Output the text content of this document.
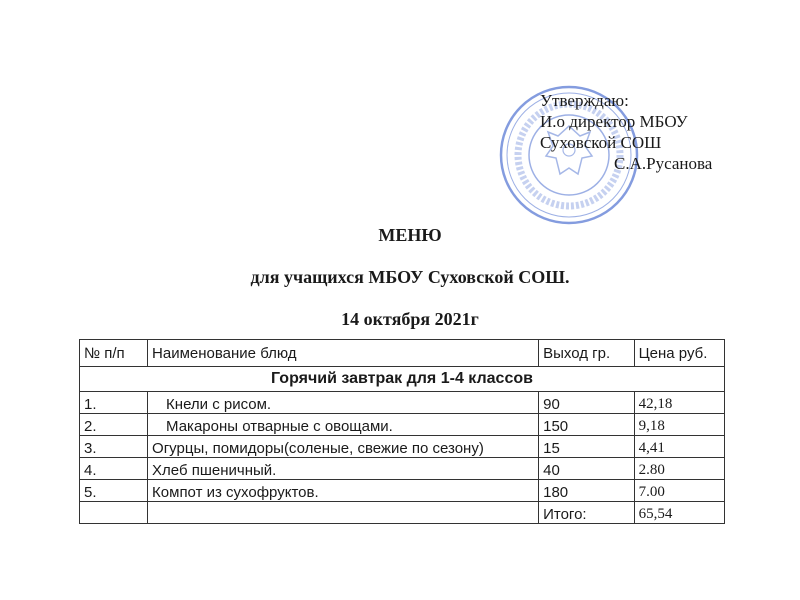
Утверждаю:
И.о директор МБОУ
Суховской СОШ
С.А.Русанова
МЕНЮ
для учащихся МБОУ Суховской СОШ.
14 октября 2021г
№ п/п	Наименование блюд	Выход гр.	Цена руб.
Горячий завтрак для 1-4 классов			
1.	Кнели с рисом.	90	42,18
2.	Макароны отварные с овощами.	150	9,18
3.	Огурцы, помидоры(соленые, свежие по сезону)	15	4,41
4.	Хлеб пшеничный.	40	2.80
5.	Компот из сухофруктов.	180	7.00
		Итого:	65,54
